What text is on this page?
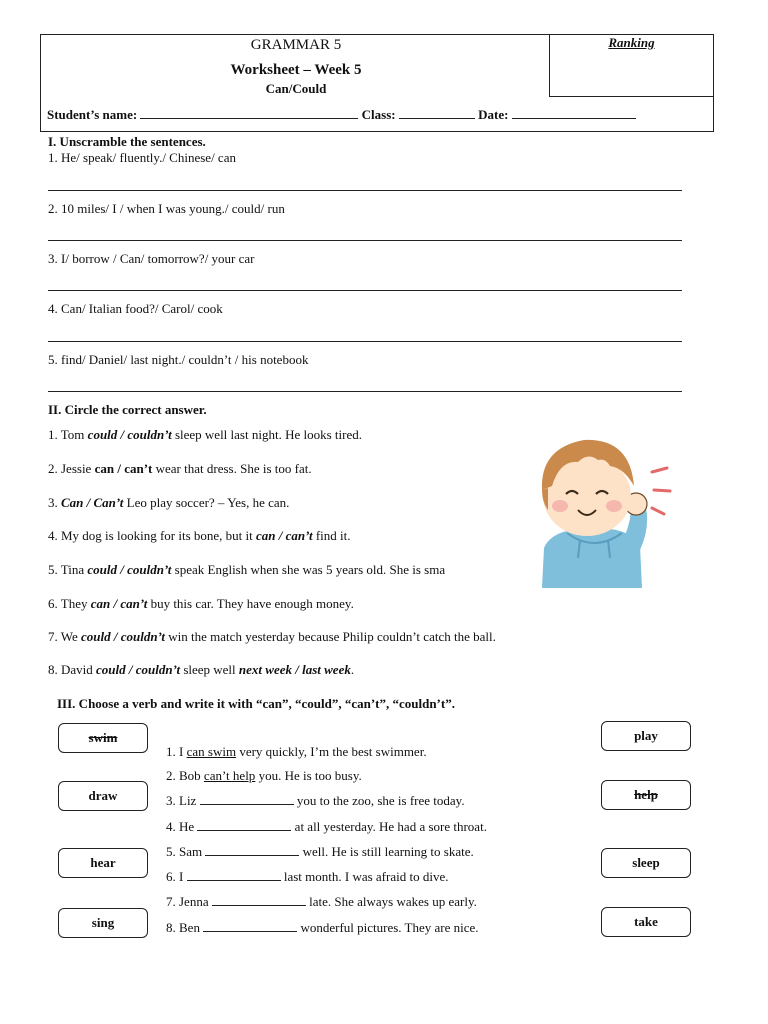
Ranking
GRAMMAR 5
Worksheet – Week 5
Can/Could
Student’s name:	Class:	Date:
I. Unscramble the sentences.
1. He/ speak/ fluently./ Chinese/ can
2. 10 miles/ I / when I was young./ could/ run
3. I/ borrow / Can/ tomorrow?/ your car
4. Can/ Italian food?/ Carol/ cook
5. find/ Daniel/ last night./ couldn’t / his notebook
II. Circle the correct answer.
1. Tom could / couldn’t sleep well last night. He looks tired.
2. Jessie can / can’t wear that dress. She is too fat.
3. Can / Can’t Leo play soccer? – Yes, he can.
4. My dog is looking for its bone, but it can / can’t find it.
5. Tina could / couldn’t speak English when she was 5 years old. She is sma
6. They can / can’t buy this car. They have enough money.
7. We could / couldn’t win the match yesterday because Philip couldn’t catch the ball.
8. David could / couldn’t sleep well next week / last week.
III. Choose a verb and write it with “can”, “could”, “can’t”, “couldn’t”.
swim
draw
hear
sing
play
help
sleep
take
1. I can swim very quickly, I’m the best swimmer.
2. Bob can’t help you. He is too busy.
3. Liz	you to the zoo, she is free today.
4. He	at all yesterday. He had a sore throat.
5. Sam	well. He is still learning to skate.
6. I	last month. I was afraid to dive.
7. Jenna	late. She always wakes up early.
8. Ben	wonderful pictures. They are nice.
